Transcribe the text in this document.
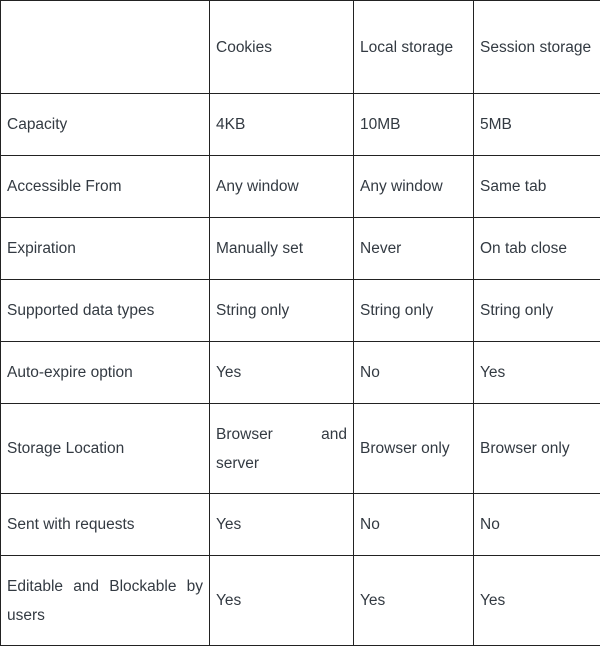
	Cookies	Local storage	Session storage
Capacity	4KB	10MB	5MB
Accessible From	Any window	Any window	Same tab
Expiration	Manually set	Never	On tab close
Supported data types	String only	String only	String only
Auto-expire option	Yes	No	Yes
Storage Location	Browser and server	Browser only	Browser only
Sent with requests	Yes	No	No
Editable and Blockable by users	Yes	Yes	Yes
